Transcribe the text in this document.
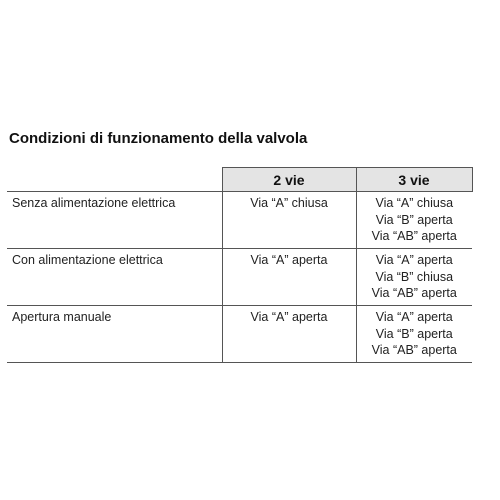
Condizioni di funzionamento della valvola
	2 vie	3 vie
Senza alimentazione elettrica	Via “A” chiusa	Via “A” chiusa
Via “B” aperta
Via “AB” aperta

Con alimentazione elettrica	Via “A” aperta	Via “A” aperta
Via “B” chiusa
Via “AB” aperta

Apertura manuale	Via “A” aperta	Via “A” aperta
Via “B” aperta
Via “AB” aperta
